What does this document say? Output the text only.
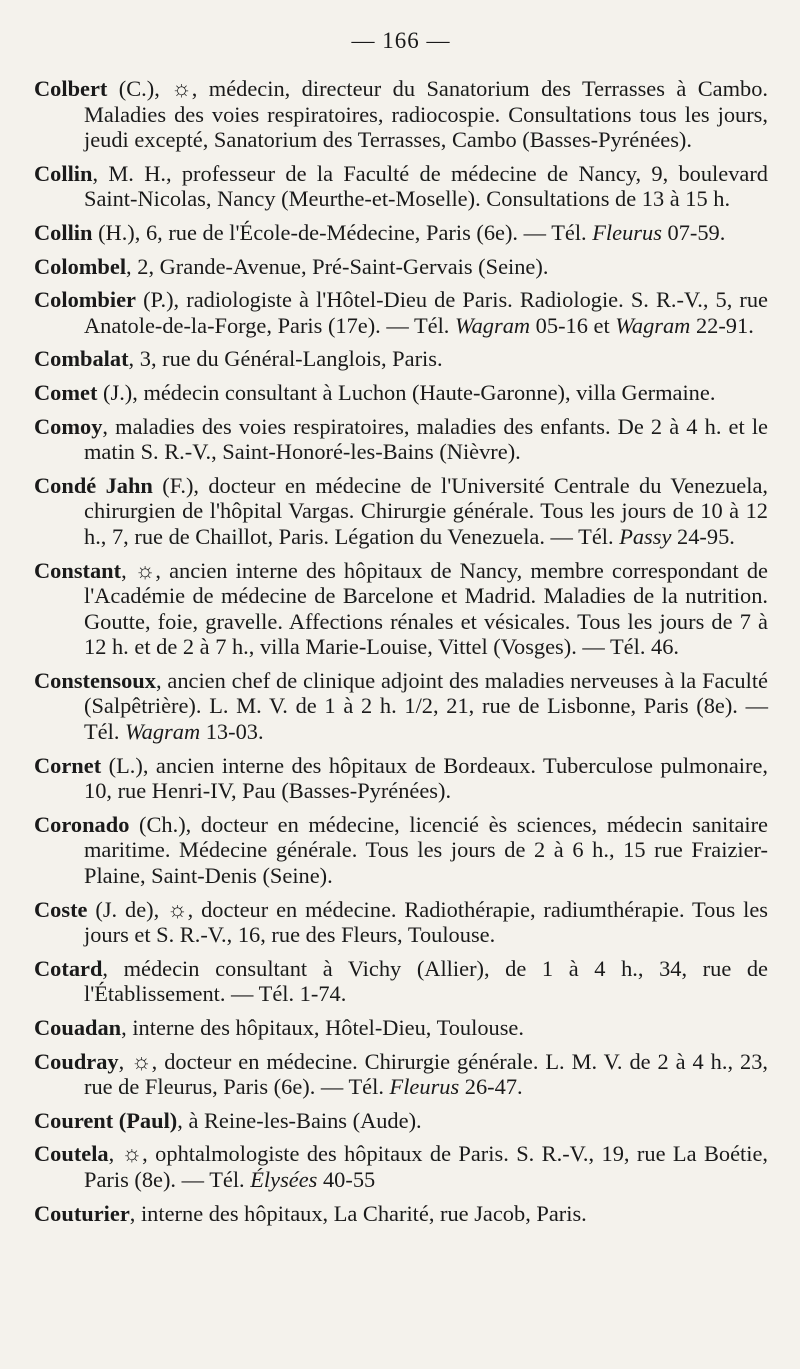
— 166 —

Colbert (C.), ☼, médecin, directeur du Sanatorium des Terrasses à Cambo. Maladies des voies respiratoires, radiocospie. Consultations tous les jours, jeudi excepté, Sanatorium des Terrasses, Cambo (Basses-Pyrénées).

Collin, M. H., professeur de la Faculté de médecine de Nancy, 9, boulevard Saint-Nicolas, Nancy (Meurthe-et-Moselle). Consultations de 13 à 15 h.

Collin (H.), 6, rue de l'École-de-Médecine, Paris (6e). — Tél. Fleurus 07-59.

Colombel, 2, Grande-Avenue, Pré-Saint-Gervais (Seine).

Colombier (P.), radiologiste à l'Hôtel-Dieu de Paris. Radiologie. S. R.-V., 5, rue Anatole-de-la-Forge, Paris (17e). — Tél. Wagram 05-16 et Wagram 22-91.

Combalat, 3, rue du Général-Langlois, Paris.

Comet (J.), médecin consultant à Luchon (Haute-Garonne), villa Germaine.

Comoy, maladies des voies respiratoires, maladies des enfants. De 2 à 4 h. et le matin S. R.-V., Saint-Honoré-les-Bains (Nièvre).

Condé Jahn (F.), docteur en médecine de l'Université Centrale du Venezuela, chirurgien de l'hôpital Vargas. Chirurgie générale. Tous les jours de 10 à 12 h., 7, rue de Chaillot, Paris. Légation du Venezuela. — Tél. Passy 24-95.

Constant, ☼, ancien interne des hôpitaux de Nancy, membre correspondant de l'Académie de médecine de Barcelone et Madrid. Maladies de la nutrition. Goutte, foie, gravelle. Affections rénales et vésicales. Tous les jours de 7 à 12 h. et de 2 à 7 h., villa Marie-Louise, Vittel (Vosges). — Tél. 46.

Constensoux, ancien chef de clinique adjoint des maladies nerveuses à la Faculté (Salpêtrière). L. M. V. de 1 à 2 h. 1/2, 21, rue de Lisbonne, Paris (8e). — Tél. Wagram 13-03.

Cornet (L.), ancien interne des hôpitaux de Bordeaux. Tuberculose pulmonaire, 10, rue Henri-IV, Pau (Basses-Pyrénées).

Coronado (Ch.), docteur en médecine, licencié ès sciences, médecin sanitaire maritime. Médecine générale. Tous les jours de 2 à 6 h., 15 rue Fraizier-Plaine, Saint-Denis (Seine).

Coste (J. de), ☼, docteur en médecine. Radiothérapie, radiumthérapie. Tous les jours et S. R.-V., 16, rue des Fleurs, Toulouse.

Cotard, médecin consultant à Vichy (Allier), de 1 à 4 h., 34, rue de l'Établissement. — Tél. 1-74.

Couadan, interne des hôpitaux, Hôtel-Dieu, Toulouse.

Coudray, ☼, docteur en médecine. Chirurgie générale. L. M. V. de 2 à 4 h., 23, rue de Fleurus, Paris (6e). — Tél. Fleurus 26-47.

Courent (Paul), à Reine-les-Bains (Aude).

Coutela, ☼, ophtalmologiste des hôpitaux de Paris. S. R.-V., 19, rue La Boétie, Paris (8e). — Tél. Élysées 40-55

Couturier, interne des hôpitaux, La Charité, rue Jacob, Paris.
